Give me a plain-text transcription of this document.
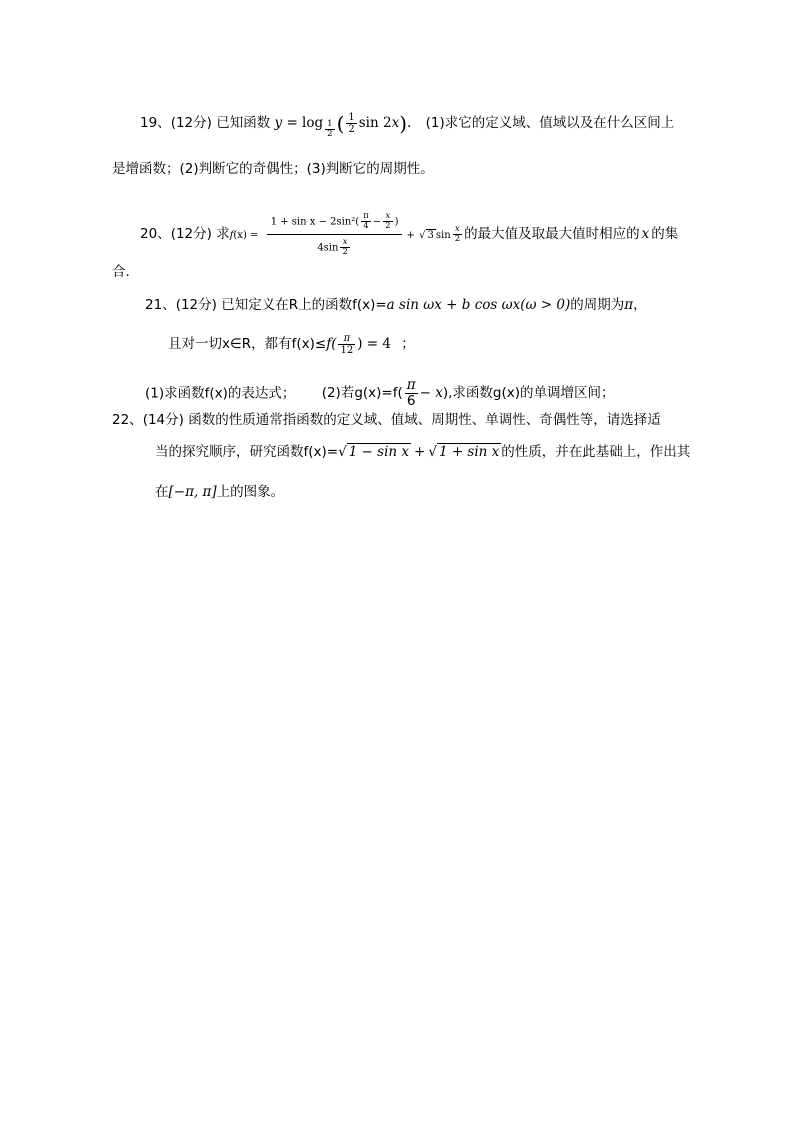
19、(12分) 已知函数 $y = \log \frac{1}{2}$ ( $\frac{1}{2}$ sin 2x). (1)求它的定义域、值域以及在什么区间上
是增函数；(2)判断它的奇偶性；(3)判断它的周期性。
20、(12分) 求$f(x) = \frac{1 + \sin x - 2\sin^2( \frac{\pi}{4} - \frac{x}{2} )}{4\sin \frac{x}{2}}$ + √ 3 $\sin \frac{x}{2}$ 的最大值及取最大值时相应的 x 的集
合.
21、(12分) 已知定义在R上的函数f(x)=a sin ωx + b cos ωx(ω > 0)的周期为π，
且对一切x∈R，都有$f(x)\le f( \frac{\pi}{12}$ ) = 4 ；
(1)求函数f(x)的表达式； (2)若$g(x)=f( \frac{\pi}{6} - x)$,求函数g(x)的单调增区间；
22、(14分) 函数的性质通常指函数的定义域、值域、周期性、单调性、奇偶性等，请选择适
当的探究顺序，研究函数f(x)=√ 1 − sin x + √ 1 + sin x 的性质，并在此基础上，作出其
在[−π, π]上的图象。
